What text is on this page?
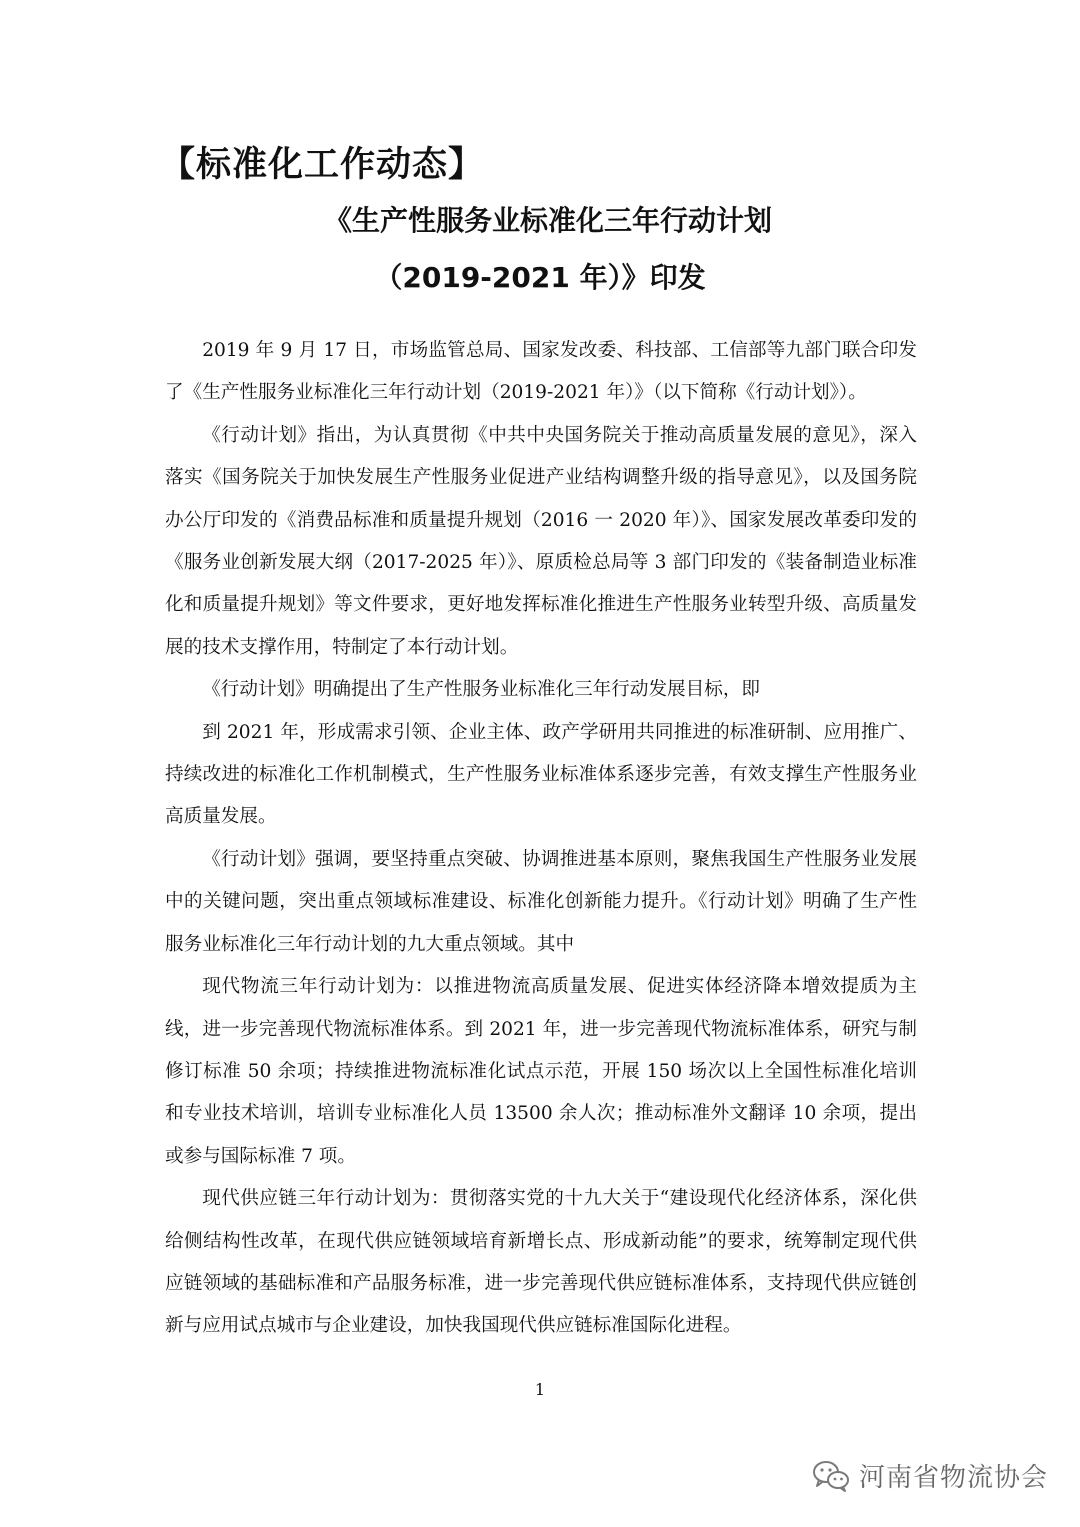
【标准化工作动态】
《生产性服务业标准化三年行动计划
（2019-2021 年）》印发

2019 年 9 月 17 日，市场监管总局、国家发改委、科技部、工信部等九部门联合印发了《生产性服务业标准化三年行动计划（2019-2021 年）》（以下简称《行动计划》）。

《行动计划》指出，为认真贯彻《中共中央国务院关于推动高质量发展的意见》，深入落实《国务院关于加快发展生产性服务业促进产业结构调整升级的指导意见》，以及国务院办公厅印发的《消费品标准和质量提升规划（2016 一 2020 年）》、国家发展改革委印发的《服务业创新发展大纲（2017-2025 年）》、原质检总局等 3 部门印发的《装备制造业标准化和质量提升规划》等文件要求，更好地发挥标准化推进生产性服务业转型升级、高质量发展的技术支撑作用，特制定了本行动计划。

《行动计划》明确提出了生产性服务业标准化三年行动发展目标，即

到 2021 年，形成需求引领、企业主体、政产学研用共同推进的标准研制、应用推广、持续改进的标准化工作机制模式，生产性服务业标准体系逐步完善，有效支撑生产性服务业高质量发展。

《行动计划》强调，要坚持重点突破、协调推进基本原则，聚焦我国生产性服务业发展中的关键问题，突出重点领域标准建设、标准化创新能力提升。《行动计划》明确了生产性服务业标准化三年行动计划的九大重点领域。其中

现代物流三年行动计划为：以推进物流高质量发展、促进实体经济降本增效提质为主线，进一步完善现代物流标准体系。到 2021 年，进一步完善现代物流标准体系，研究与制修订标准 50 余项；持续推进物流标准化试点示范，开展 150 场次以上全国性标准化培训和专业技术培训，培训专业标准化人员 13500 余人次；推动标准外文翻译 10 余项，提出或参与国际标准 7 项。

现代供应链三年行动计划为：贯彻落实党的十九大关于“建设现代化经济体系，深化供给侧结构性改革，在现代供应链领域培育新增长点、形成新动能”的要求，统筹制定现代供应链领域的基础标准和产品服务标准，进一步完善现代供应链标准体系，支持现代供应链创新与应用试点城市与企业建设，加快我国现代供应链标准国际化进程。

1
河南省物流协会
